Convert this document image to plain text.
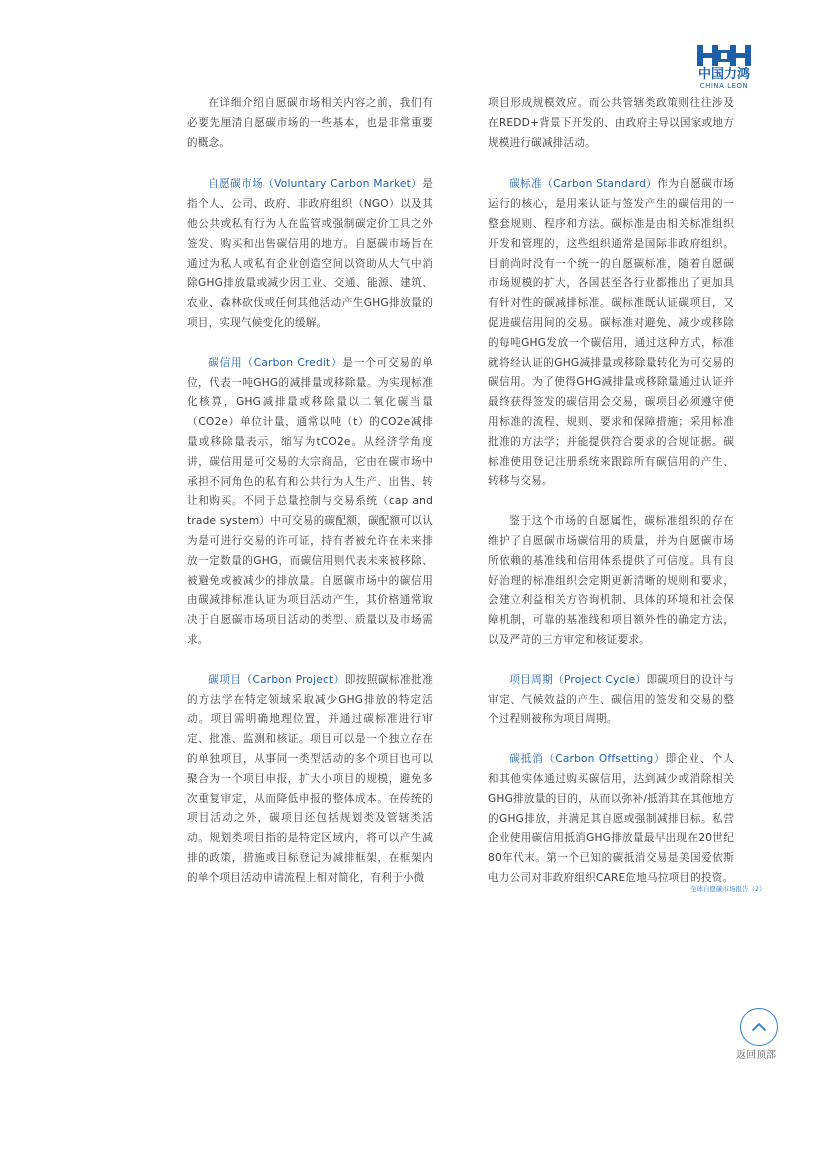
中国力鸿
CHINA LEON

在详细介绍自愿碳市场相关内容之前，我们有必要先厘清自愿碳市场的一些基本，也是非常重要的概念。

自愿碳市场（Voluntary Carbon Market）是指个人、公司、政府、非政府组织（NGO）以及其他公共或私有行为人在监管或强制碳定价工具之外签发、购买和出售碳信用的地方。自愿碳市场旨在通过为私人或私有企业创造空间以资助从大气中消除GHG排放量或减少因工业、交通、能源、建筑、农业、森林砍伐或任何其他活动产生GHG排放量的项目，实现气候变化的缓解。

碳信用（Carbon Credit）是一个可交易的单位，代表一吨GHG的减排量或移除量。为实现标准化核算，GHG减排量或移除量以二氧化碳当量（CO2e）单位计量，通常以吨（t）的CO2e减排量或移除量表示，缩写为tCO2e。从经济学角度讲，碳信用是可交易的大宗商品，它由在碳市场中承担不同角色的私有和公共行为人生产、出售、转让和购买。不同于总量控制与交易系统（cap and trade system）中可交易的碳配额，碳配额可以认为是可进行交易的许可证，持有者被允许在未来排放一定数量的GHG，而碳信用则代表未来被移除、被避免或被减少的排放量。自愿碳市场中的碳信用由碳减排标准认证为项目活动产生，其价格通常取决于自愿碳市场项目活动的类型、质量以及市场需求。

碳项目（Carbon Project）即按照碳标准批准的方法学在特定领域采取减少GHG排放的特定活动。项目需明确地理位置，并通过碳标准进行审定、批准、监测和核证。项目可以是一个独立存在的单独项目，从事同一类型活动的多个项目也可以聚合为一个项目申报，扩大小项目的规模，避免多次重复审定，从而降低申报的整体成本。在传统的项目活动之外，碳项目还包括规划类及管辖类活动。规划类项目指的是特定区域内，将可以产生减排的政策，措施或目标登记为减排框架，在框架内的单个项目活动申请流程上相对简化，有利于小微

项目形成规模效应。而公共管辖类政策则往往涉及在REDD+背景下开发的、由政府主导以国家或地方规模进行碳减排活动。

碳标准（Carbon Standard）作为自愿碳市场运行的核心，是用来认证与签发产生的碳信用的一整套规则、程序和方法。碳标准是由相关标准组织开发和管理的，这些组织通常是国际非政府组织。目前尚时没有一个统一的自愿碳标准，随着自愿碳市场规模的扩大，各国甚至各行业都推出了更加具有针对性的碳减排标准。碳标准既认证碳项目，又促进碳信用间的交易。碳标准对避免、减少或移除的每吨GHG发放一个碳信用，通过这种方式，标准就将经认证的GHG减排量或移除量转化为可交易的碳信用。为了使得GHG减排量或移除量通过认证并最终获得签发的碳信用会交易，碳项目必须遵守使用标准的流程、规则、要求和保障措施；采用标准批准的方法学；并能提供符合要求的合规证据。碳标准使用登记注册系统来跟踪所有碳信用的产生、转移与交易。

鉴于这个市场的自愿属性，碳标准组织的存在维护了自愿碳市场碳信用的质量，并为自愿碳市场所依赖的基准线和信用体系提供了可信度。具有良好治理的标准组织会定期更新清晰的规则和要求，会建立利益相关方咨询机制、具体的环境和社会保障机制，可靠的基准线和项目额外性的确定方法，以及严苛的三方审定和核证要求。

项目周期（Project Cycle）即碳项目的设计与审定、气候效益的产生、碳信用的签发和交易的整个过程则被称为项目周期。

碳抵消（Carbon Offsetting）即企业、个人和其他实体通过购买碳信用，达到减少或消除相关GHG排放量的目的，从而以弥补/抵消其在其他地方的GHG排放，并满足其自愿或强制减排目标。私营企业使用碳信用抵消GHG排放量最早出现在20世纪80年代末。第一个已知的碳抵消交易是美国爱依斯电力公司对非政府组织CARE危地马拉项目的投资。

全球自愿碳市场报告（2）
返回顶部
